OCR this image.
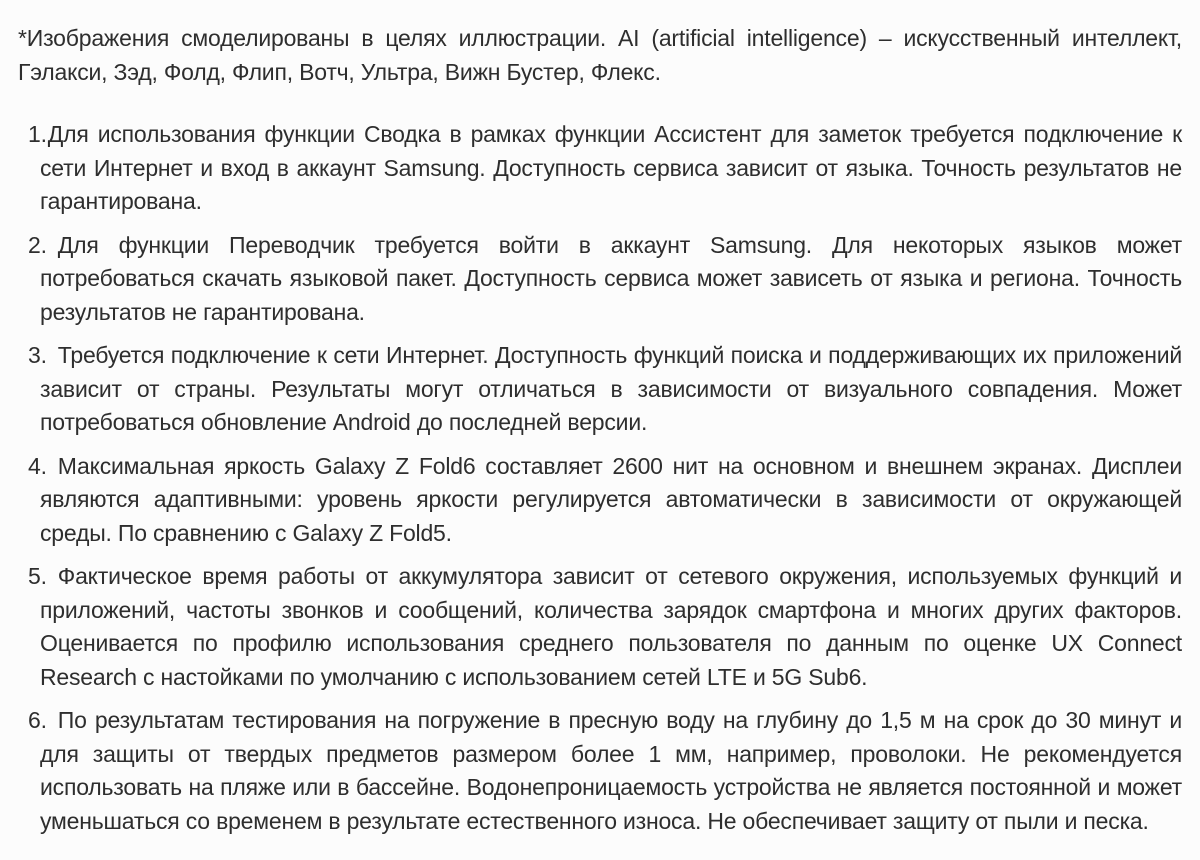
*Изображения смоделированы в целях иллюстрации. AI (artificial intelligence) – искусственный интеллект, Гэлакси, Зэд, Фолд, Флип, Вотч, Ультра, Вижн Бустер, Флекс.

1.Для использования функции Сводка в рамках функции Ассистент для заметок требуется подключение к сети Интернет и вход в аккаунт Samsung. Доступность сервиса зависит от языка. Точность результатов не гарантирована.
2. Для функции Переводчик требуется войти в аккаунт Samsung. Для некоторых языков может потребоваться скачать языковой пакет. Доступность сервиса может зависеть от языка и региона. Точность результатов не гарантирована.
3. Требуется подключение к сети Интернет. Доступность функций поиска и поддерживающих их приложений зависит от страны. Результаты могут отличаться в зависимости от визуального совпадения. Может потребоваться обновление Android до последней версии.
4. Максимальная яркость Galaxy Z Fold6 составляет 2600 нит на основном и внешнем экранах. Дисплеи являются адаптивными: уровень яркости регулируется автоматически в зависимости от окружающей среды. По сравнению с Galaxy Z Fold5.
5. Фактическое время работы от аккумулятора зависит от сетевого окружения, используемых функций и приложений, частоты звонков и сообщений, количества зарядок смартфона и многих других факторов. Оценивается по профилю использования среднего пользователя по данным по оценке UX Connect Research с настойками по умолчанию с использованием сетей LTE и 5G Sub6.
6. По результатам тестирования на погружение в пресную воду на глубину до 1,5 м на срок до 30 минут и для защиты от твердых предметов размером более 1 мм, например, проволоки. Не рекомендуется использовать на пляже или в бассейне. Водонепроницаемость устройства не является постоянной и может уменьшаться со временем в результате естественного износа. Не обеспечивает защиту от пыли и песка.
